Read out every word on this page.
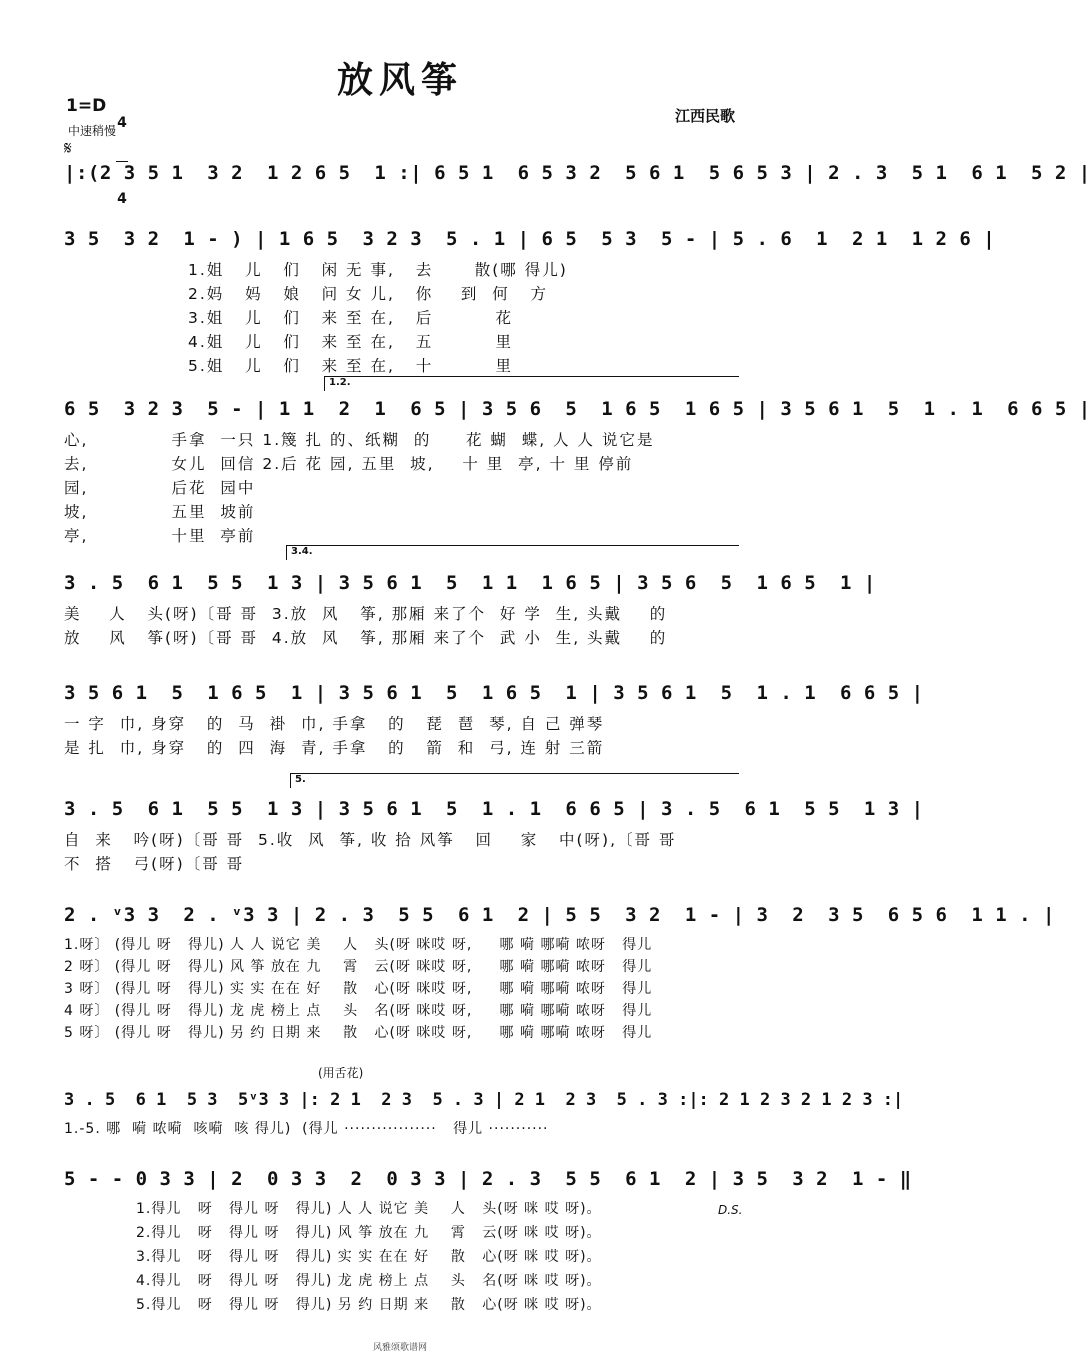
放风筝
1=D

4

4

中速稍慢
江西民歌
𝄋
|:(2 3 5 1  3 2  1 2 6 5  1 :| 6 5 1  6 5 3 2  5 6 1  5 6 5 3 | 2 . 3  5 1  6 1  5 2 |
3 5  3 2  1 - ) | 1 6 5  3 2 3  5 . 1 | 6 5  5 3  5 - | 5 . 6  1  2 1  1 2 6 |
1.姐   儿   们   闲 无 事,   去      散(哪 得儿)
2.妈   妈   娘   问 女 儿,   你    到  何   方
3.姐   儿   们   来 至 在,   后         花
4.姐   儿   们   来 至 在,   五         里
5.姐   儿   们   来 至 在,   十         里
1.2.
6 5  3 2 3  5 - | 1 1  2  1  6 5 | 3 5 6  5  1 6 5  1 6 5 | 3 5 6 1  5  1 . 1  6 6 5 |
心,            手拿  一只 1.篾 扎 的、纸糊  的     花 蝴  蝶, 人 人 说它是
去,            女儿  回信 2.后 花 园, 五里  坡,    十 里  亭, 十 里 停前
园,            后花  园中
坡,            五里  坡前
亭,            十里  亭前
3.4.
3 . 5  6 1  5 5  1 3 | 3 5 6 1  5  1 1  1 6 5 | 3 5 6  5  1 6 5  1 |
美    人   头(呀)〔哥 哥  3.放  风   筝, 那厢 来了个  好 学  生, 头戴    的
放    风   筝(呀)〔哥 哥  4.放  风   筝, 那厢 来了个  武 小  生, 头戴    的
3 5 6 1  5  1 6 5  1 | 3 5 6 1  5  1 6 5  1 | 3 5 6 1  5  1 . 1  6 6 5 |
一 字  巾, 身穿   的  马  褂  巾, 手拿   的   琵  琶  琴, 自 己 弹琴
是 扎  巾, 身穿   的  四  海  青, 手拿   的   箭  和  弓, 连 射 三箭
5.
3 . 5  6 1  5 5  1 3 | 3 5 6 1  5  1 . 1  6 6 5 | 3 . 5  6 1  5 5  1 3 |
自  来   吟(呀)〔哥 哥  5.收  风  筝, 收 拾 风筝   回    家   中(呀),〔哥 哥
不  搭   弓(呀)〔哥 哥
2 . ᵛ3 3  2 . ᵛ3 3 | 2 . 3  5 5  6 1  2 | 5 5  3 2  1 - | 3  2  3 5  6 5 6  1 1 . |
1.呀〕 (得儿 呀   得儿) 人 人 说它 美    人   头(呀 咪哎 呀,     哪 嗬 哪嗬 哝呀   得儿
2 呀〕 (得儿 呀   得儿) 风 筝 放在 九    霄   云(呀 咪哎 呀,     哪 嗬 哪嗬 哝呀   得儿
3 呀〕 (得儿 呀   得儿) 实 实 在在 好    散   心(呀 咪哎 呀,     哪 嗬 哪嗬 哝呀   得儿
4 呀〕 (得儿 呀   得儿) 龙 虎 榜上 点    头   名(呀 咪哎 呀,     哪 嗬 哪嗬 哝呀   得儿
5 呀〕 (得儿 呀   得儿) 另 约 日期 来    散   心(呀 咪哎 呀,     哪 嗬 哪嗬 哝呀   得儿
(用舌花)
3 . 5  6 1  5 3  5ᵛ3 3 |: 2 1  2 3  5 . 3 | 2 1  2 3  5 . 3 :|: 2 1 2 3 2 1 2 3 :|
1.-5. 哪  嗬 哝嗬  咳嗬  咳 得儿)  (得儿 ·················   得儿 ···········
5 - - 0 3 3 | 2  0 3 3  2  0 3 3 | 2 . 3  5 5  6 1  2 | 3 5  3 2  1 - ‖
D.S.
1.得儿   呀   得儿 呀   得儿) 人 人 说它 美    人   头(呀 咪 哎 呀)。
2.得儿   呀   得儿 呀   得儿) 风 筝 放在 九    霄   云(呀 咪 哎 呀)。
3.得儿   呀   得儿 呀   得儿) 实 实 在在 好    散   心(呀 咪 哎 呀)。
4.得儿   呀   得儿 呀   得儿) 龙 虎 榜上 点    头   名(呀 咪 哎 呀)。
5.得儿   呀   得儿 呀   得儿) 另 约 日期 来    散   心(呀 咪 哎 呀)。
风雅颂歌谱网
